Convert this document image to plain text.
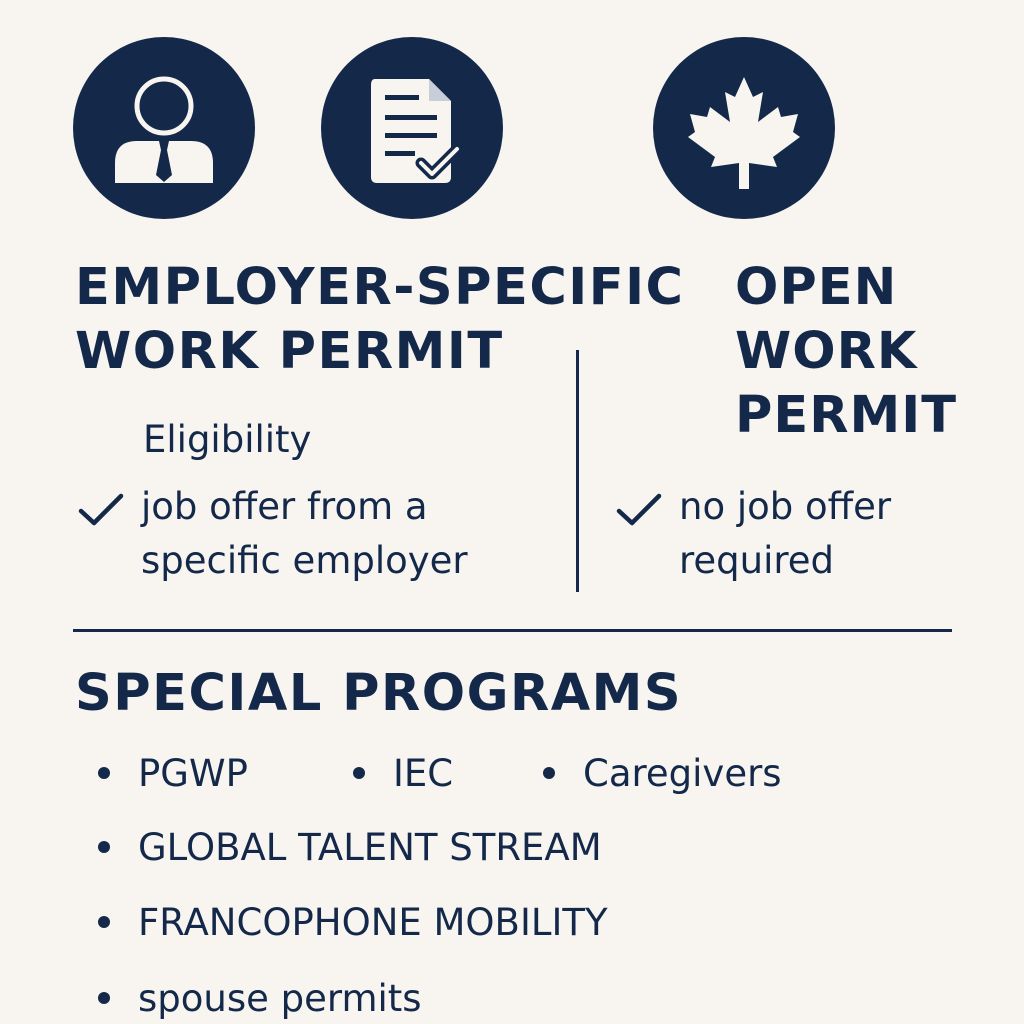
EMPLOYER-SPECIFIC
WORK PERMIT

Eligibility

job offer from a
specific employer

OPEN
WORK
PERMIT

no job offer
required

SPECIAL PROGRAMS
PGWP	IEC	Caregivers
GLOBAL TALENT STREAM
FRANCOPHONE MOBILITY
spouse permits
